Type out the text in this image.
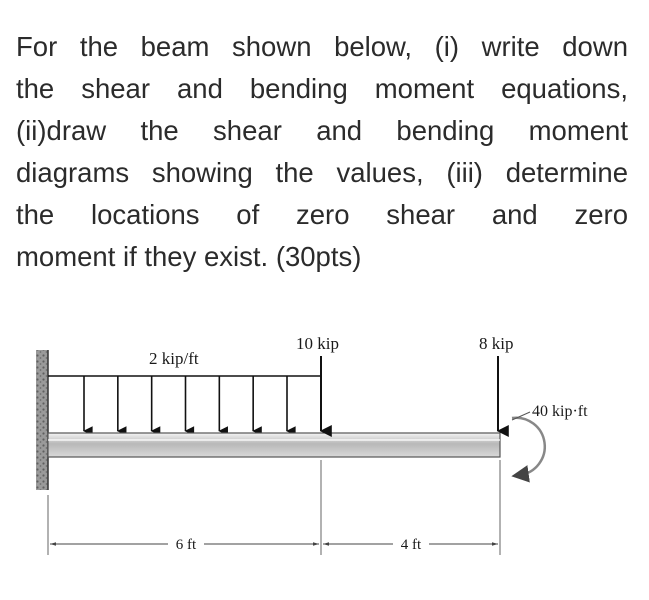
For the beam shown below, (i) write down
the shear and bending moment equations,
(ii)draw the shear and bending moment
diagrams showing the values, (iii) determine
the locations of zero shear and zero
moment if they exist. (30pts)
2 kip/ft
10 kip	8 kip
40 kip·ft
6 ft	4 ft
